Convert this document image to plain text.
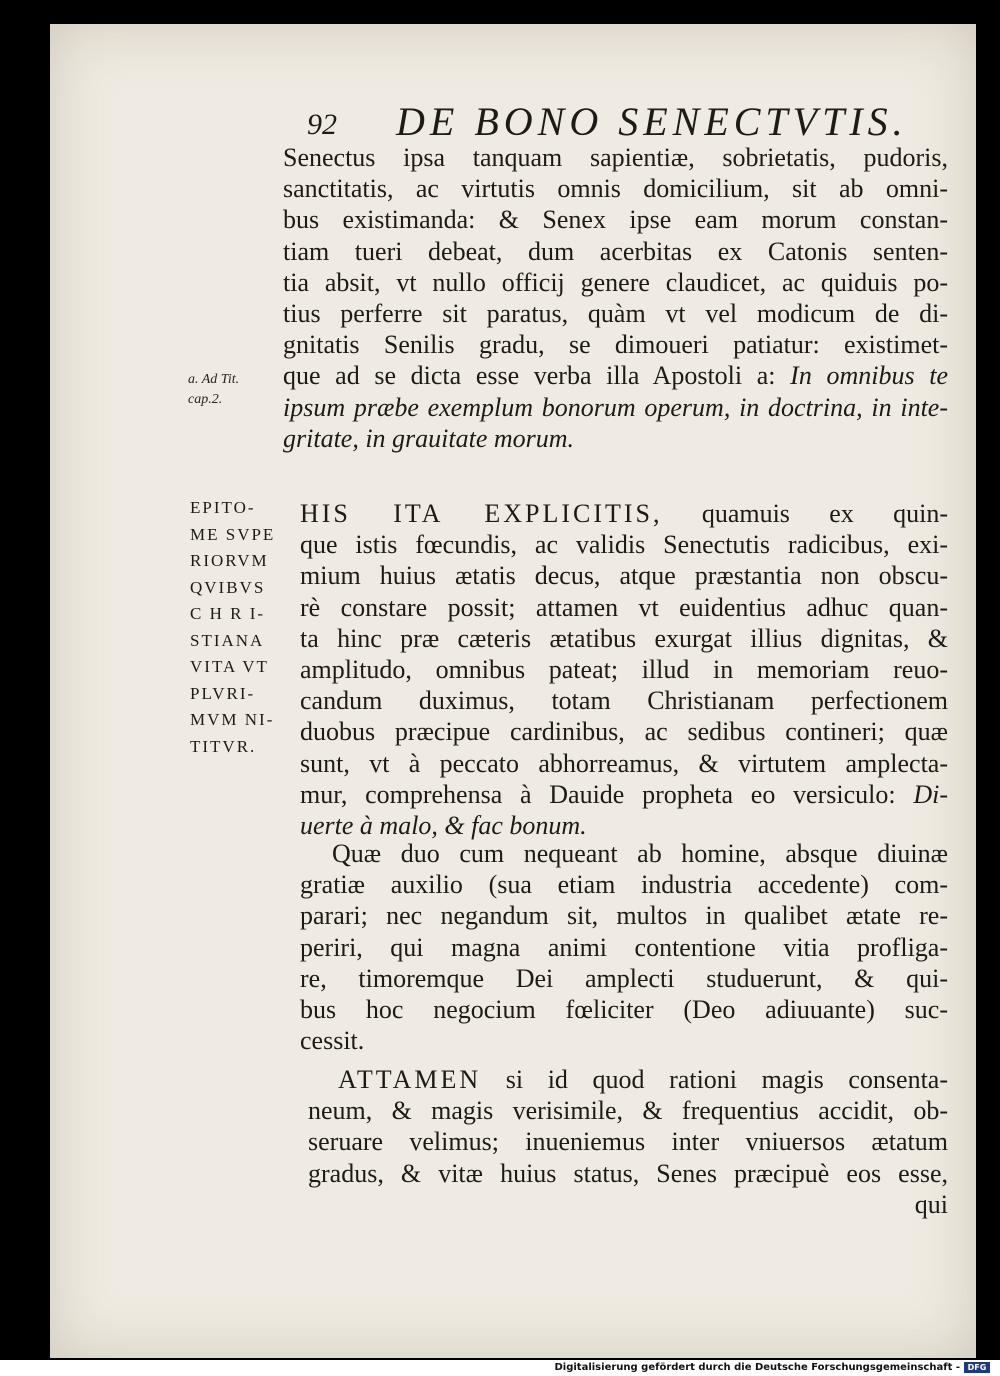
92 DE BONO SENECTVTIS.
Senectus ipsa tanquam sapientiæ, sobrietatis, pudoris,
sanctitatis, ac virtutis omnis domicilium, sit ab omni-
bus existimanda: & Senex ipse eam morum constan-
tiam tueri debeat, dum acerbitas ex Catonis senten-
tia absit, vt nullo officij genere claudicet, ac quiduis po-
tius perferre sit paratus, quàm vt vel modicum de di-
gnitatis Senilis gradu, se dimoueri patiatur: existimet-
que ad se dicta esse verba illa Apostoli a: In omnibus te
ipsum præbe exemplum bonorum operum, in doctrina, in inte-
gritate, in grauitate morum.
a. Ad Tit.
cap.2.
EPITO-
ME SVPE
RIORVM
QVIBVS
C H R I-
STIANA
VITA VT
PLVRI-
MVM NI-
TITVR.
HIS ITA EXPLICITIS, quamuis ex quin-
que istis fœcundis, ac validis Senectutis radicibus, exi-
mium huius ætatis decus, atque præstantia non obscu-
rè constare possit; attamen vt euidentius adhuc quan-
ta hinc præ cæteris ætatibus exurgat illius dignitas, &
amplitudo, omnibus pateat; illud in memoriam reuo-
candum duximus, totam Christianam perfectionem
duobus præcipue cardinibus, ac sedibus contineri; quæ
sunt, vt à peccato abhorreamus, & virtutem amplecta-
mur, comprehensa à Dauide propheta eo versiculo: Di-
uerte à malo, & fac bonum.
Quæ duo cum nequeant ab homine, absque diuinæ
gratiæ auxilio (sua etiam industria accedente) com-
parari; nec negandum sit, multos in qualibet ætate re-
periri, qui magna animi contentione vitia profliga-
re, timoremque Dei amplecti studuerunt, & qui-
bus hoc negocium fœliciter (Deo adiuuante) suc-
cessit.
ATTAMEN si id quod rationi magis consenta-
neum, & magis verisimile, & frequentius accidit, ob-
seruare velimus; inueniemus inter vniuersos ætatum
gradus, & vitæ huius status, Senes præcipuè eos esse,
qui
Digitalisierung gefördert durch die Deutsche Forschungsgemeinschaft - DFG
